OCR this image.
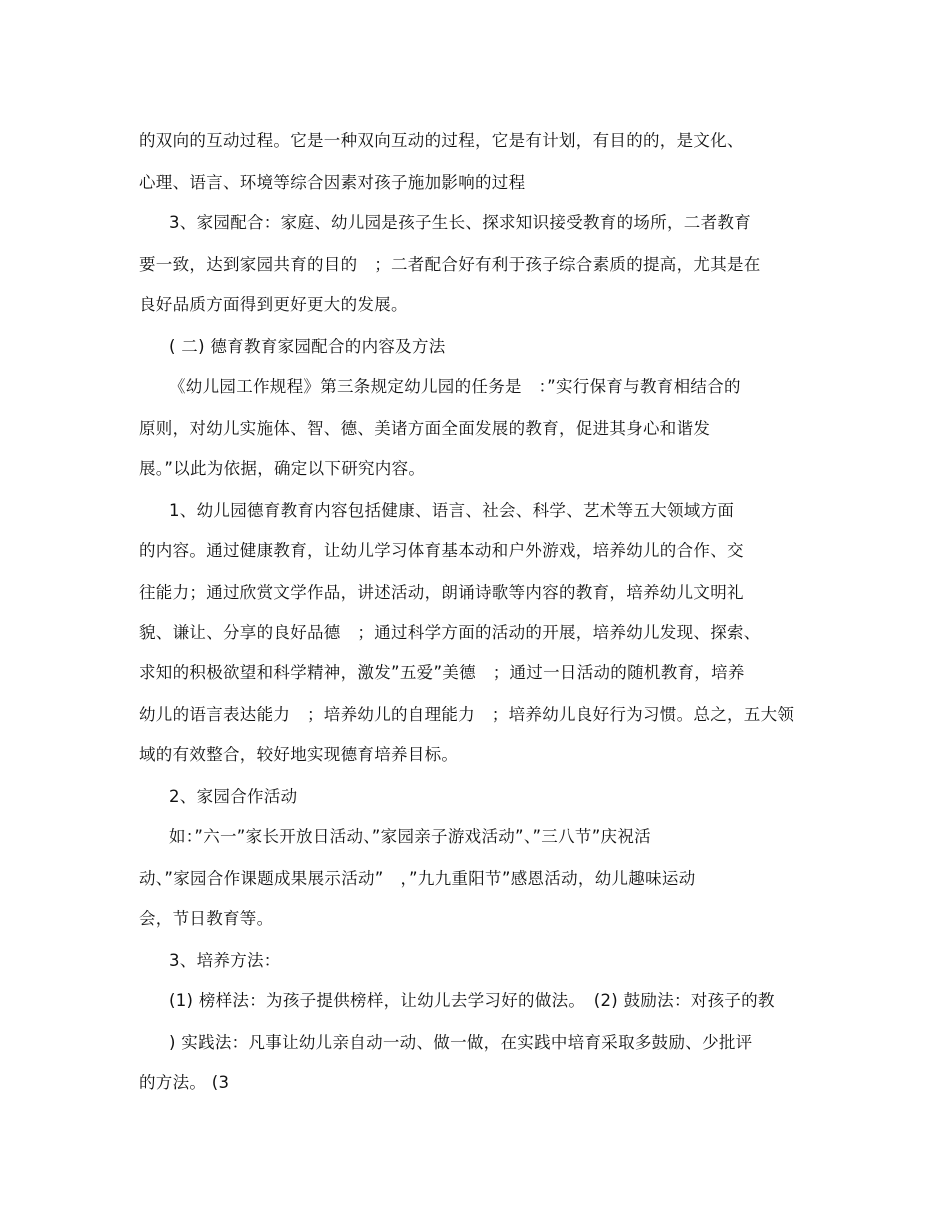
的双向的互动过程。它是一种双向互动的过程，它是有计划，有目的的，是文化、
心理、语言、环境等综合因素对孩子施加影响的过程
3、家园配合：家庭、幼儿园是孩子生长、探求知识接受教育的场所，二者教育
要一致，达到家园共育的目的　；二者配合好有利于孩子综合素质的提高，尤其是在
良好品质方面得到更好更大的发展。
( 二) 德育教育家园配合的内容及方法
《幼儿园工作规程》第三条规定幼儿园的任务是　：”实行保育与教育相结合的
原则，对幼儿实施体、智、德、美诸方面全面发展的教育，促进其身心和谐发
展。”以此为依据，确定以下研究内容。
1、幼儿园德育教育内容包括健康、语言、社会、科学、艺术等五大领域方面
的内容。通过健康教育，让幼儿学习体育基本动和户外游戏，培养幼儿的合作、交
往能力；通过欣赏文学作品，讲述活动，朗诵诗歌等内容的教育，培养幼儿文明礼
貌、谦让、分享的良好品德　；通过科学方面的活动的开展，培养幼儿发现、探索、
求知的积极欲望和科学精神，激发”五爱”美德　；通过一日活动的随机教育，培养
幼儿的语言表达能力　；培养幼儿的自理能力　；培养幼儿良好行为习惯。总之，五大领
域的有效整合，较好地实现德育培养目标。
2、家园合作活动
如：”六一”家长开放日活动、”家园亲子游戏活动”、”三八节”庆祝活
动、”家园合作课题成果展示活动”　，”九九重阳节”感恩活动，幼儿趣味运动
会，节日教育等。
3、培养方法：
(1) 榜样法：为孩子提供榜样，让幼儿去学习好的做法。　(2) 鼓励法：对孩子的教
) 实践法：凡事让幼儿亲自动一动、做一做，在实践中培育采取多鼓励、少批评
的方法。 (3
